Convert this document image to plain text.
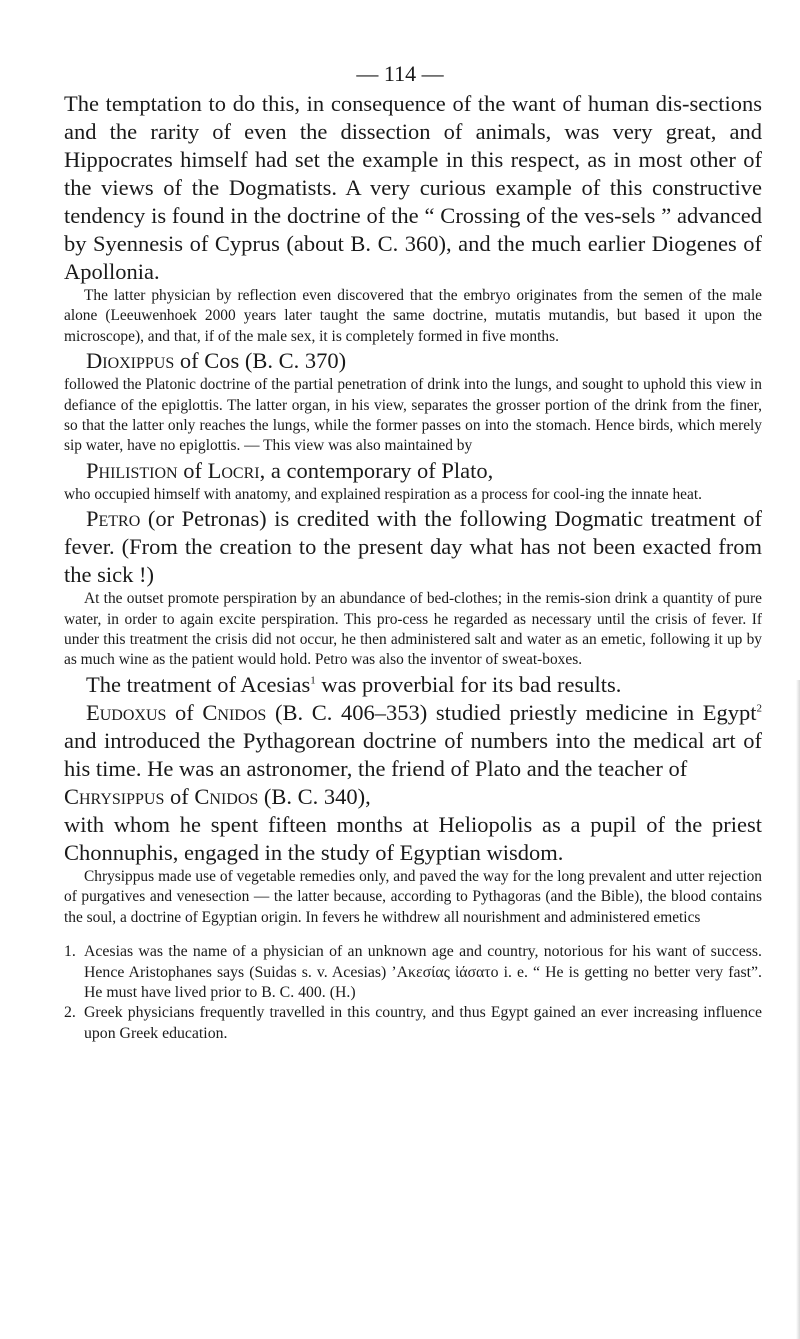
— 114 —

The temptation to do this, in consequence of the want of human dis-sections and the rarity of even the dissection of animals, was very great, and Hippocrates himself had set the example in this respect, as in most other of the views of the Dogmatists. A very curious example of this constructive tendency is found in the doctrine of the “ Crossing of the ves-sels ” advanced by Syennesis of Cyprus (about B. C. 360), and the much earlier Diogenes of Apollonia.

The latter physician by reflection even discovered that the embryo originates from the semen of the male alone (Leeuwenhoek 2000 years later taught the same doctrine, mutatis mutandis, but based it upon the microscope), and that, if of the male sex, it is completely formed in five months.

Dioxippus of Cos (B. C. 370)

followed the Platonic doctrine of the partial penetration of drink into the lungs, and sought to uphold this view in defiance of the epiglottis. The latter organ, in his view, separates the grosser portion of the drink from the finer, so that the latter only reaches the lungs, while the former passes on into the stomach. Hence birds, which merely sip water, have no epiglottis. — This view was also maintained by

Philistion of Locri, a contemporary of Plato,

who occupied himself with anatomy, and explained respiration as a process for cool-ing the innate heat.

Petro (or Petronas) is credited with the following Dogmatic treatment of fever. (From the creation to the present day what has not been exacted from the sick !)

At the outset promote perspiration by an abundance of bed-clothes; in the remis-sion drink a quantity of pure water, in order to again excite perspiration. This pro-cess he regarded as necessary until the crisis of fever. If under this treatment the crisis did not occur, he then administered salt and water as an emetic, following it up by as much wine as the patient would hold. Petro was also the inventor of sweat-boxes.

The treatment of Acesias$^1$ was proverbial for its bad results.

Eudoxus of Cnidos (B. C. 406–353) studied priestly medicine in Egypt$^2$ and introduced the Pythagorean doctrine of numbers into the medical art of his time. He was an astronomer, the friend of Plato and the teacher of

Chrysippus of Cnidos (B. C. 340),

with whom he spent fifteen months at Heliopolis as a pupil of the priest Chonnuphis, engaged in the study of Egyptian wisdom.

Chrysippus made use of vegetable remedies only, and paved the way for the long prevalent and utter rejection of purgatives and venesection — the latter because, according to Pythagoras (and the Bible), the blood contains the soul, a doctrine of Egyptian origin. In fevers he withdrew all nourishment and administered emetics

1. Acesias was the name of a physician of an unknown age and country, notorious for his want of success. Hence Aristophanes says (Suidas s. v. Acesias) ’Ακεσίας ἰάσατο i. e. “ He is getting no better very fast”. He must have lived prior to B. C. 400. (H.)

2. Greek physicians frequently travelled in this country, and thus Egypt gained an ever increasing influence upon Greek education.
